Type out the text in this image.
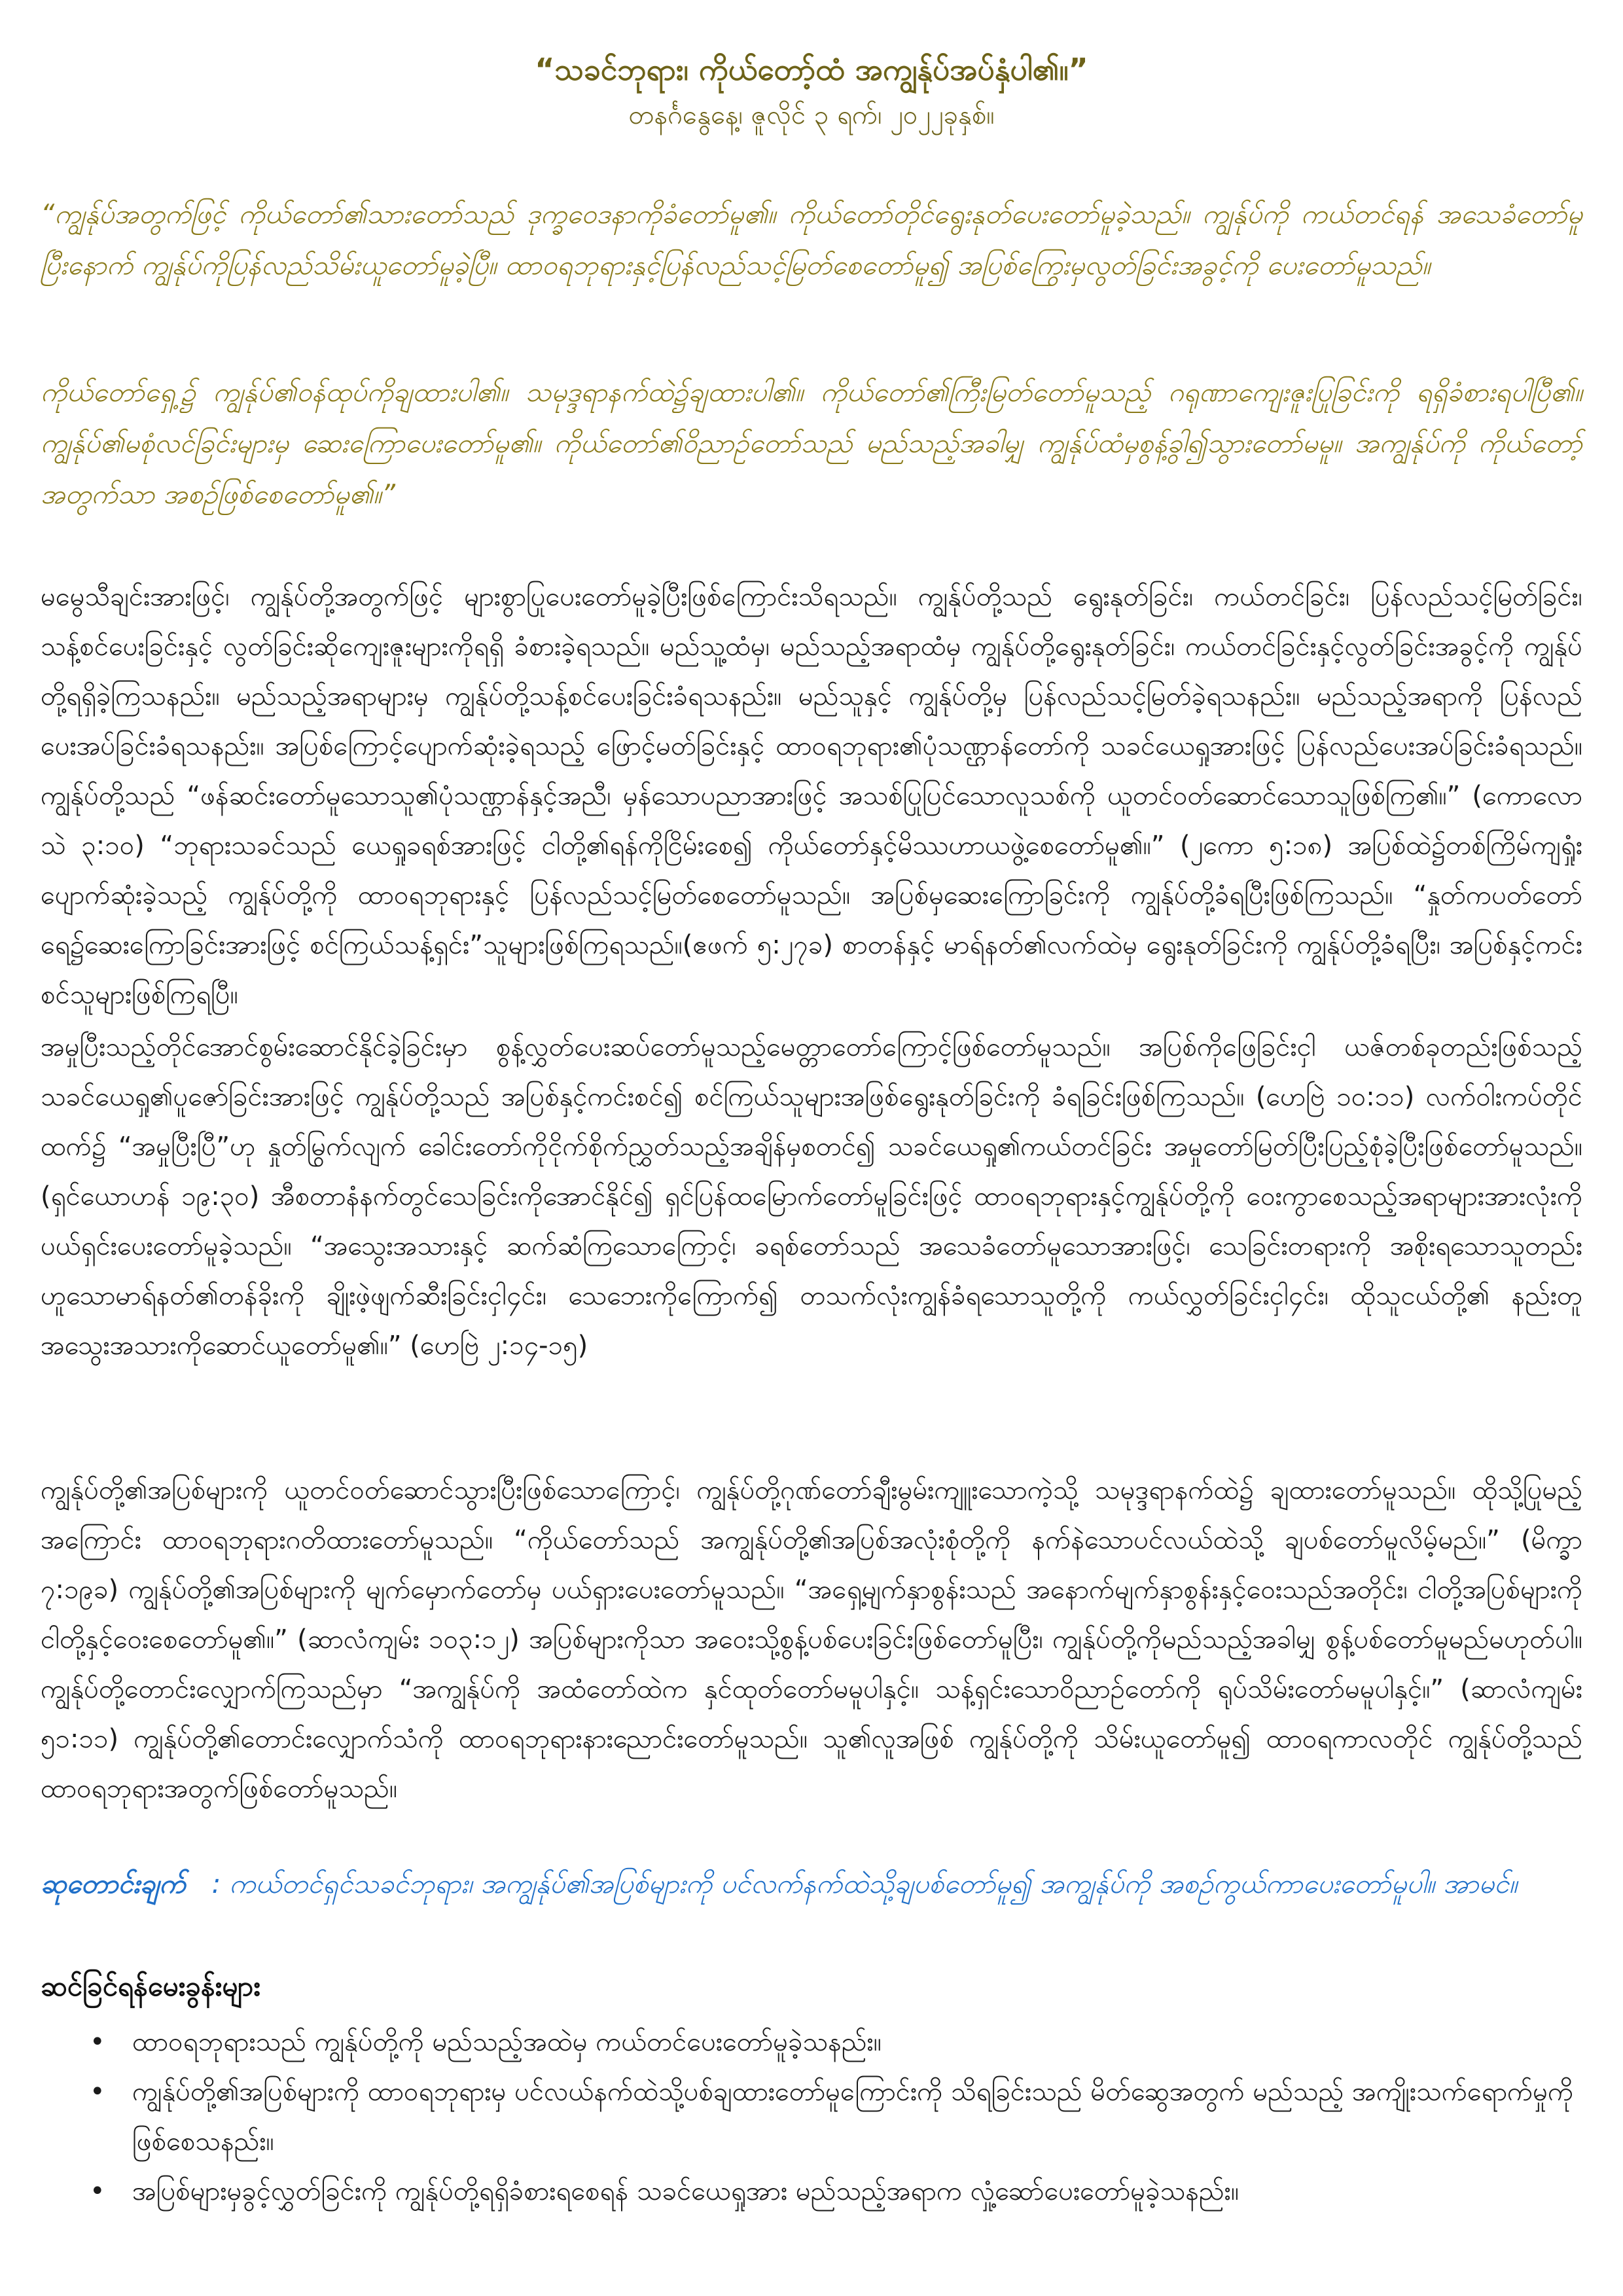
“သခင်ဘုရား၊ ကိုယ်တော့်ထံ အကျွန်ုပ်အပ်နှံပါ၏။”
တနင်္ဂနွေနေ့၊ ဇူလိုင် ၃ ရက်၊ ၂၀၂၂ခုနှစ်။
“ကျွန်ုပ်အတွက်ဖြင့် ကိုယ်တော်၏သားတော်သည် ဒုက္ခဝေဒနာကိုခံတော်မူ၏။ ကိုယ်တော်တိုင်ရွေးနုတ်ပေးတော်မူခဲ့သည်။ ကျွန်ုပ်ကို ကယ်တင်ရန် အသေခံတော်မူပြီးနောက် ကျွန်ုပ်ကိုပြန်လည်သိမ်းယူတော်မူခဲ့ပြီ။ ထာဝရဘုရားနှင့်ပြန်လည်သင့်မြတ်စေတော်မူ၍ အပြစ်ကြွေးမှလွတ်ခြင်းအခွင့်ကို ပေးတော်မူသည်။
ကိုယ်တော်ရှေ့၌ ကျွန်ုပ်၏ဝန်ထုပ်ကိုချထားပါ၏။ သမုဒ္ဒရာနက်ထဲ၌ချထားပါ၏။ ကိုယ်တော်၏ကြီးမြတ်တော်မူသည့် ဂရုဏာကျေးဇူးပြုခြင်းကို ရရှိခံစားရပါပြီ၏။ ကျွန်ုပ်၏မစုံလင်ခြင်းများမှ ဆေးကြောပေးတော်မူ၏။ ကိုယ်တော်၏ဝိညာဉ်တော်သည် မည်သည့်အခါမျှ ကျွန်ုပ်ထံမှစွန့်ခွါ၍သွားတော်မမူ။ အကျွန်ုပ်ကို ကိုယ်တော့်အတွက်သာ အစဉ်ဖြစ်စေတော်မူ၏။”
မမွေသီချင်းအားဖြင့်၊ ကျွန်ုပ်တို့အတွက်ဖြင့် များစွာပြုပေးတော်မူခဲ့ပြီးဖြစ်ကြောင်းသိရသည်။ ကျွန်ုပ်တို့သည် ရွေးနုတ်ခြင်း၊ ကယ်တင်ခြင်း၊ ပြန်လည်သင့်မြတ်ခြင်း၊ သန့်စင်ပေးခြင်းနှင့် လွတ်ခြင်းဆိုကျေးဇူးများကိုရရှိ ခံစားခဲ့ရသည်။ မည်သူ့ထံမှ၊ မည်သည့်အရာထံမှ ကျွန်ုပ်တို့ရွေးနုတ်ခြင်း၊ ကယ်တင်ခြင်းနှင့်လွတ်ခြင်းအခွင့်ကို ကျွန်ုပ်တို့ရရှိခဲ့ကြသနည်း။ မည်သည့်အရာများမှ ကျွန်ုပ်တို့သန့်စင်ပေးခြင်းခံရသနည်း။ မည်သူနှင့် ကျွန်ုပ်တို့မှ ပြန်လည်သင့်မြတ်ခဲ့ရသနည်း။ မည်သည့်အရာကို ပြန်လည်ပေးအပ်ခြင်းခံရသနည်း။ အပြစ်ကြောင့်ပျောက်ဆုံးခဲ့ရသည့် ဖြောင့်မတ်ခြင်းနှင့် ထာဝရဘုရား၏ပုံသဏ္ဌာန်တော်ကို သခင်ယေရှုအားဖြင့် ပြန်လည်ပေးအပ်ခြင်းခံရသည်။ ကျွန်ုပ်တို့သည် “ဖန်ဆင်းတော်မူသောသူ၏ပုံသဏ္ဌာန်နှင့်အညီ၊ မှန်သောပညာအားဖြင့် အသစ်ပြုပြင်သောလူသစ်ကို ယူတင်ဝတ်ဆောင်သောသူဖြစ်ကြ၏။” (ကောလောသဲ ၃:၁၀) “ဘုရားသခင်သည် ယေရှုခရစ်အားဖြင့် ငါတို့၏ရန်ကိုငြိမ်းစေ၍ ကိုယ်တော်နှင့်မိဿဟာယဖွဲ့စေတော်မူ၏။” (၂ကော ၅:၁၈) အပြစ်ထဲ၌တစ်ကြိမ်ကျရှုံးပျောက်ဆုံးခဲ့သည့် ကျွန်ုပ်တို့ကို ထာဝရဘုရားနှင့် ပြန်လည်သင့်မြတ်စေတော်မူသည်။ အပြစ်မှဆေးကြောခြင်းကို ကျွန်ုပ်တို့ခံရပြီးဖြစ်ကြသည်။ “နှုတ်ကပတ်တော်ရေ၌ဆေးကြောခြင်းအားဖြင့် စင်ကြယ်သန့်ရှင်း”သူများဖြစ်ကြရသည်။(ဧဖက် ၅:၂၇ခ) စာတန်နှင့် မာရ်နတ်၏လက်ထဲမှ ရွေးနုတ်ခြင်းကို ကျွန်ုပ်တို့ခံရပြီး၊ အပြစ်နှင့်ကင်းစင်သူများဖြစ်ကြရပြီ။
အမှုပြီးသည့်တိုင်အောင်စွမ်းဆောင်နိုင်ခဲ့ခြင်းမှာ စွန့်လွှတ်ပေးဆပ်တော်မူသည့်မေတ္တာတော်ကြောင့်ဖြစ်တော်မူသည်။ အပြစ်ကိုဖြေခြင်းငှါ ယဇ်တစ်ခုတည်းဖြစ်သည့် သခင်ယေရှု၏ပူဇော်ခြင်းအားဖြင့် ကျွန်ုပ်တို့သည် အပြစ်နှင့်ကင်းစင်၍ စင်ကြယ်သူများအဖြစ်ရွေးနုတ်ခြင်းကို ခံရခြင်းဖြစ်ကြသည်။ (ဟေဗြဲ ၁၀:၁၁) လက်ဝါးကပ်တိုင်ထက်၌ “အမှုပြီးပြီ”ဟု နှုတ်မြွက်လျက် ခေါင်းတော်ကိုငိုက်စိုက်ညွှတ်သည့်အချိန်မှစတင်၍ သခင်ယေရှု၏ကယ်တင်ခြင်း အမှုတော်မြတ်ပြီးပြည့်စုံခဲ့ပြီးဖြစ်တော်မူသည်။ (ရှင်ယောဟန် ၁၉:၃၀) အီစတာနံနက်တွင်သေခြင်းကိုအောင်နိုင်၍ ရှင်ပြန်ထမြောက်တော်မူခြင်းဖြင့် ထာဝရဘုရားနှင့်ကျွန်ုပ်တို့ကို ဝေးကွာစေသည့်အရာများအားလုံးကို ပယ်ရှင်းပေးတော်မူခဲ့သည်။ “အသွေးအသားနှင့် ဆက်ဆံကြသောကြောင့်၊ ခရစ်တော်သည် အသေခံတော်မူသောအားဖြင့်၊ သေခြင်းတရားကို အစိုးရသောသူတည်းဟူသောမာရ်နတ်၏တန်ခိုးကို ချိုးဖဲ့ဖျက်ဆီးခြင်းငှါ၄င်း၊ သေဘေးကိုကြောက်၍ တသက်လုံးကျွန်ခံရသောသူတို့ကို ကယ်လွှတ်ခြင်းငှါ၄င်း၊ ထိုသူငယ်တို့၏ နည်းတူအသွေးအသားကိုဆောင်ယူတော်မူ၏။” (ဟေဗြဲ ၂:၁၄-၁၅)
ကျွန်ုပ်တို့၏အပြစ်များကို ယူတင်ဝတ်ဆောင်သွားပြီးဖြစ်သောကြောင့်၊ ကျွန်ုပ်တို့ဂုဏ်တော်ချီးမွမ်းကျူးသောကဲ့သို့ သမုဒ္ဒရာနက်ထဲ၌ ချထားတော်မူသည်။ ထိုသို့ပြုမည့်အကြောင်း ထာဝရဘုရားဂတိထားတော်မူသည်။ “ကိုယ်တော်သည် အကျွန်ုပ်တို့၏အပြစ်အလုံးစုံတို့ကို နက်နဲသောပင်လယ်ထဲသို့ ချပစ်တော်မူလိမ့်မည်။” (မိက္ခာ ၇:၁၉ခ) ကျွန်ုပ်တို့၏အပြစ်များကို မျက်မှောက်တော်မှ ပယ်ရှားပေးတော်မူသည်။ “အရှေ့မျက်နှာစွန်းသည် အနောက်မျက်နှာစွန်းနှင့်ဝေးသည်အတိုင်း၊ ငါတို့အပြစ်များကို ငါတို့နှင့်ဝေးစေတော်မူ၏။” (ဆာလံကျမ်း ၁၀၃:၁၂) အပြစ်များကိုသာ အဝေးသို့စွန့်ပစ်ပေးခြင်းဖြစ်တော်မူပြီး၊ ကျွန်ုပ်တို့ကိုမည်သည့်အခါမျှ စွန့်ပစ်တော်မူမည်မဟုတ်ပါ။ ကျွန်ုပ်တို့တောင်းလျှောက်ကြသည်မှာ “အကျွန်ုပ်ကို အထံတော်ထဲက နှင်ထုတ်တော်မမူပါနှင့်။ သန့်ရှင်းသောဝိညာဉ်တော်ကို ရုပ်သိမ်းတော်မမူပါနှင့်။” (ဆာလံကျမ်း ၅၁:၁၁) ကျွန်ုပ်တို့၏တောင်းလျှောက်သံကို ထာဝရဘုရားနားညောင်းတော်မူသည်။ သူ၏လူအဖြစ် ကျွန်ုပ်တို့ကို သိမ်းယူတော်မူ၍ ထာဝရကာလတိုင် ကျွန်ုပ်တို့သည် ထာဝရဘုရားအတွက်ဖြစ်တော်မူသည်။
ဆုတောင်းချက် : ကယ်တင်ရှင်သခင်ဘုရား၊ အကျွန်ုပ်၏အပြစ်များကို ပင်လက်နက်ထဲသို့ချပစ်တော်မူ၍ အကျွန်ုပ်ကို အစဉ်ကွယ်ကာပေးတော်မူပါ။ အာမင်။
ဆင်ခြင်ရန်မေးခွန်းများ
• ထာဝရဘုရားသည် ကျွန်ုပ်တို့ကို မည်သည့်အထဲမှ ကယ်တင်ပေးတော်မူခဲ့သနည်း။
• ကျွန်ုပ်တို့၏အပြစ်များကို ထာဝရဘုရားမှ ပင်လယ်နက်ထဲသို့ပစ်ချထားတော်မူကြောင်းကို သိရခြင်းသည် မိတ်ဆွေအတွက် မည်သည့် အကျိုးသက်ရောက်မှုကိုဖြစ်စေသနည်း။
• အပြစ်များမှခွင့်လွှတ်ခြင်းကို ကျွန်ုပ်တို့ရရှိခံစားရစေရန် သခင်ယေရှုအား မည်သည့်အရာက လှုံ့ဆော်ပေးတော်မူခဲ့သနည်း။
